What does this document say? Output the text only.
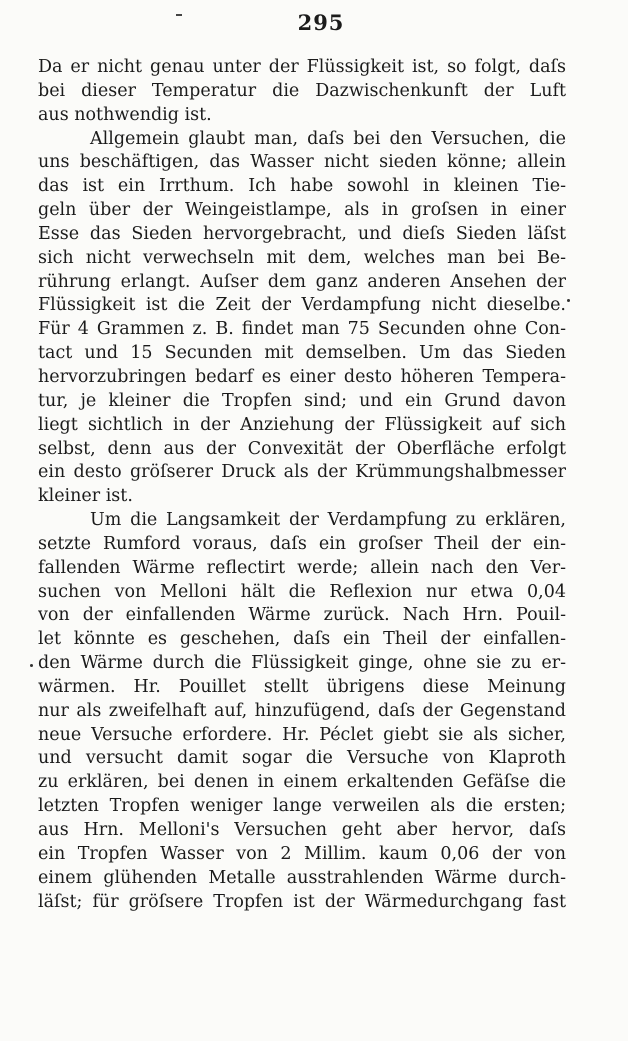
295
Da er nicht genau unter der Flüssigkeit ist, so folgt, daſs
bei dieser Temperatur die Dazwischenkunft der Luft
aus nothwendig ist.
Allgemein glaubt man, daſs bei den Versuchen, die
uns beschäftigen, das Wasser nicht sieden könne; allein
das ist ein Irrthum. Ich habe sowohl in kleinen Tie-
geln über der Weingeistlampe, als in groſsen in einer
Esse das Sieden hervorgebracht, und dieſs Sieden läſst
sich nicht verwechseln mit dem, welches man bei Be-
rührung erlangt. Auſser dem ganz anderen Ansehen der
Flüssigkeit ist die Zeit der Verdampfung nicht dieselbe.
Für 4 Grammen z. B. findet man 75 Secunden ohne Con-
tact und 15 Secunden mit demselben. Um das Sieden
hervorzubringen bedarf es einer desto höheren Tempera-
tur, je kleiner die Tropfen sind; und ein Grund davon
liegt sichtlich in der Anziehung der Flüssigkeit auf sich
selbst, denn aus der Convexität der Oberfläche erfolgt
ein desto gröſserer Druck als der Krümmungshalbmesser
kleiner ist.
Um die Langsamkeit der Verdampfung zu erklären,
setzte Rumford voraus, daſs ein groſser Theil der ein-
fallenden Wärme reflectirt werde; allein nach den Ver-
suchen von Melloni hält die Reflexion nur etwa 0,04
von der einfallenden Wärme zurück. Nach Hrn. Pouil-
let könnte es geschehen, daſs ein Theil der einfallen-
den Wärme durch die Flüssigkeit ginge, ohne sie zu er-
wärmen. Hr. Pouillet stellt übrigens diese Meinung
nur als zweifelhaft auf, hinzufügend, daſs der Gegenstand
neue Versuche erfordere. Hr. Péclet giebt sie als sicher,
und versucht damit sogar die Versuche von Klaproth
zu erklären, bei denen in einem erkaltenden Gefäſse die
letzten Tropfen weniger lange verweilen als die ersten;
aus Hrn. Melloni's Versuchen geht aber hervor, daſs
ein Tropfen Wasser von 2 Millim. kaum 0,06 der von
einem glühenden Metalle ausstrahlenden Wärme durch-
läſst; für gröſsere Tropfen ist der Wärmedurchgang fast
